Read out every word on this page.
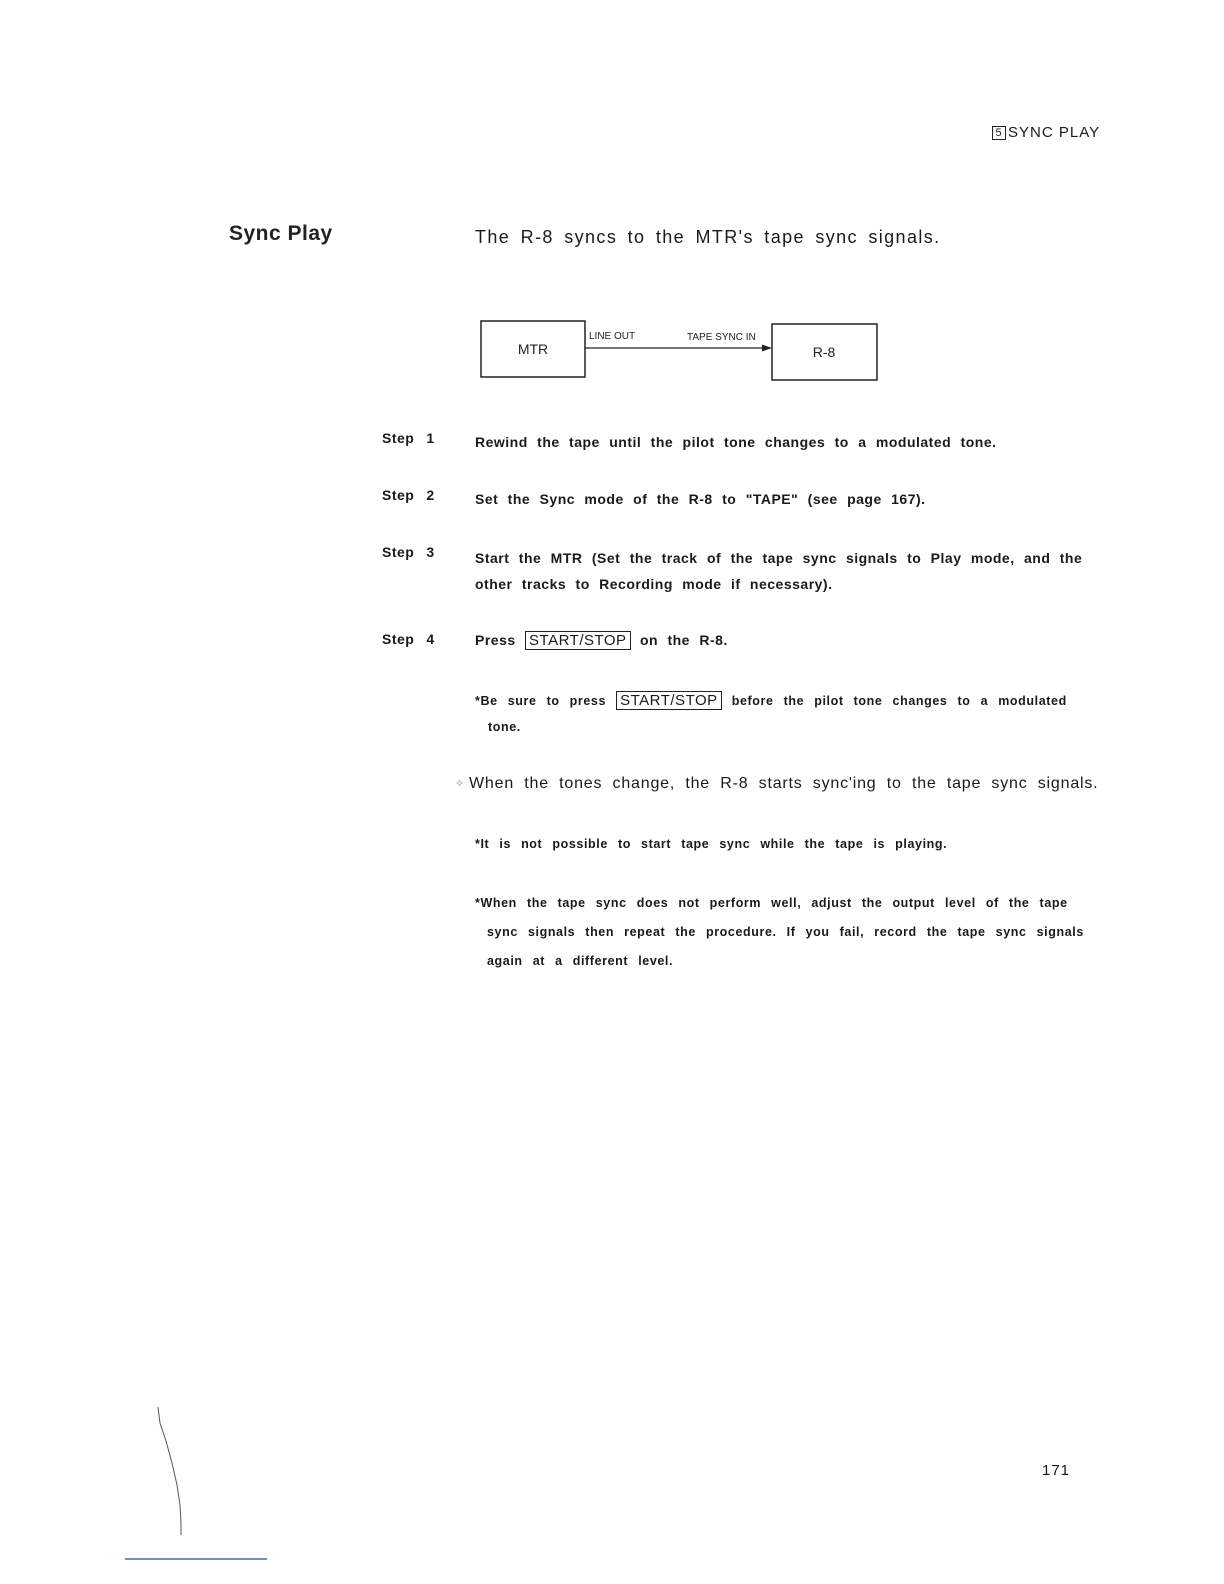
5 SYNC PLAY
Sync Play	The R-8 syncs to the MTR's tape sync signals.
MTR	R-8
LINE OUT	TAPE SYNC IN
Step 1	Rewind the tape until the pilot tone changes to a modulated tone.
Step 2	Set the Sync mode of the R-8 to "TAPE" (see page 167).
Step 3	Start the MTR (Set the track of the tape sync signals to Play mode, and the
other tracks to Recording mode if necessary).
Step 4	Press START/STOP on the R-8.
*Be sure to press START/STOP before the pilot tone changes to a modulated
tone.
✧ When the tones change, the R-8 starts sync'ing to the tape sync signals.
*It is not possible to start tape sync while the tape is playing.
*When the tape sync does not perform well, adjust the output level of the tape
sync signals then repeat the procedure. If you fail, record the tape sync signals
again at a different level.
171
